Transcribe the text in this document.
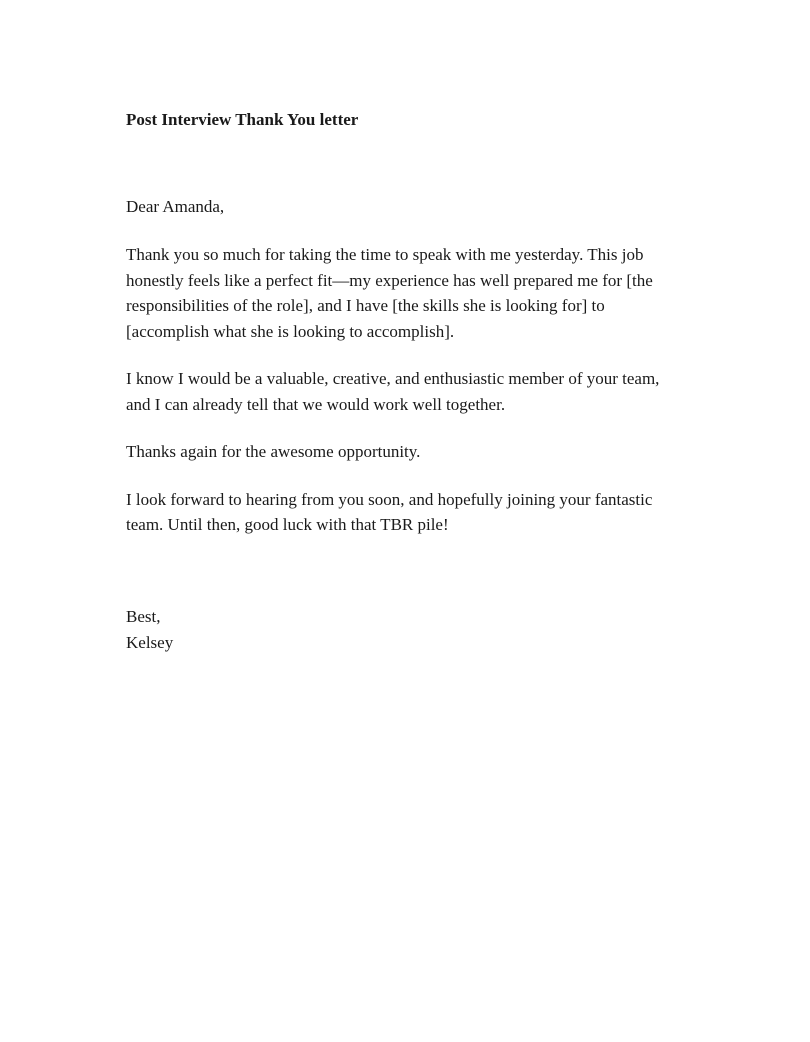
Post Interview Thank You letter

Dear Amanda,

Thank you so much for taking the time to speak with me yesterday. This job honestly feels like a perfect fit—my experience has well prepared me for [the responsibilities of the role], and I have [the skills she is looking for] to [accomplish what she is looking to accomplish].

I know I would be a valuable, creative, and enthusiastic member of your team, and I can already tell that we would work well together.

Thanks again for the awesome opportunity.

I look forward to hearing from you soon, and hopefully joining your fantastic team. Until then, good luck with that TBR pile!

Best,

Kelsey
